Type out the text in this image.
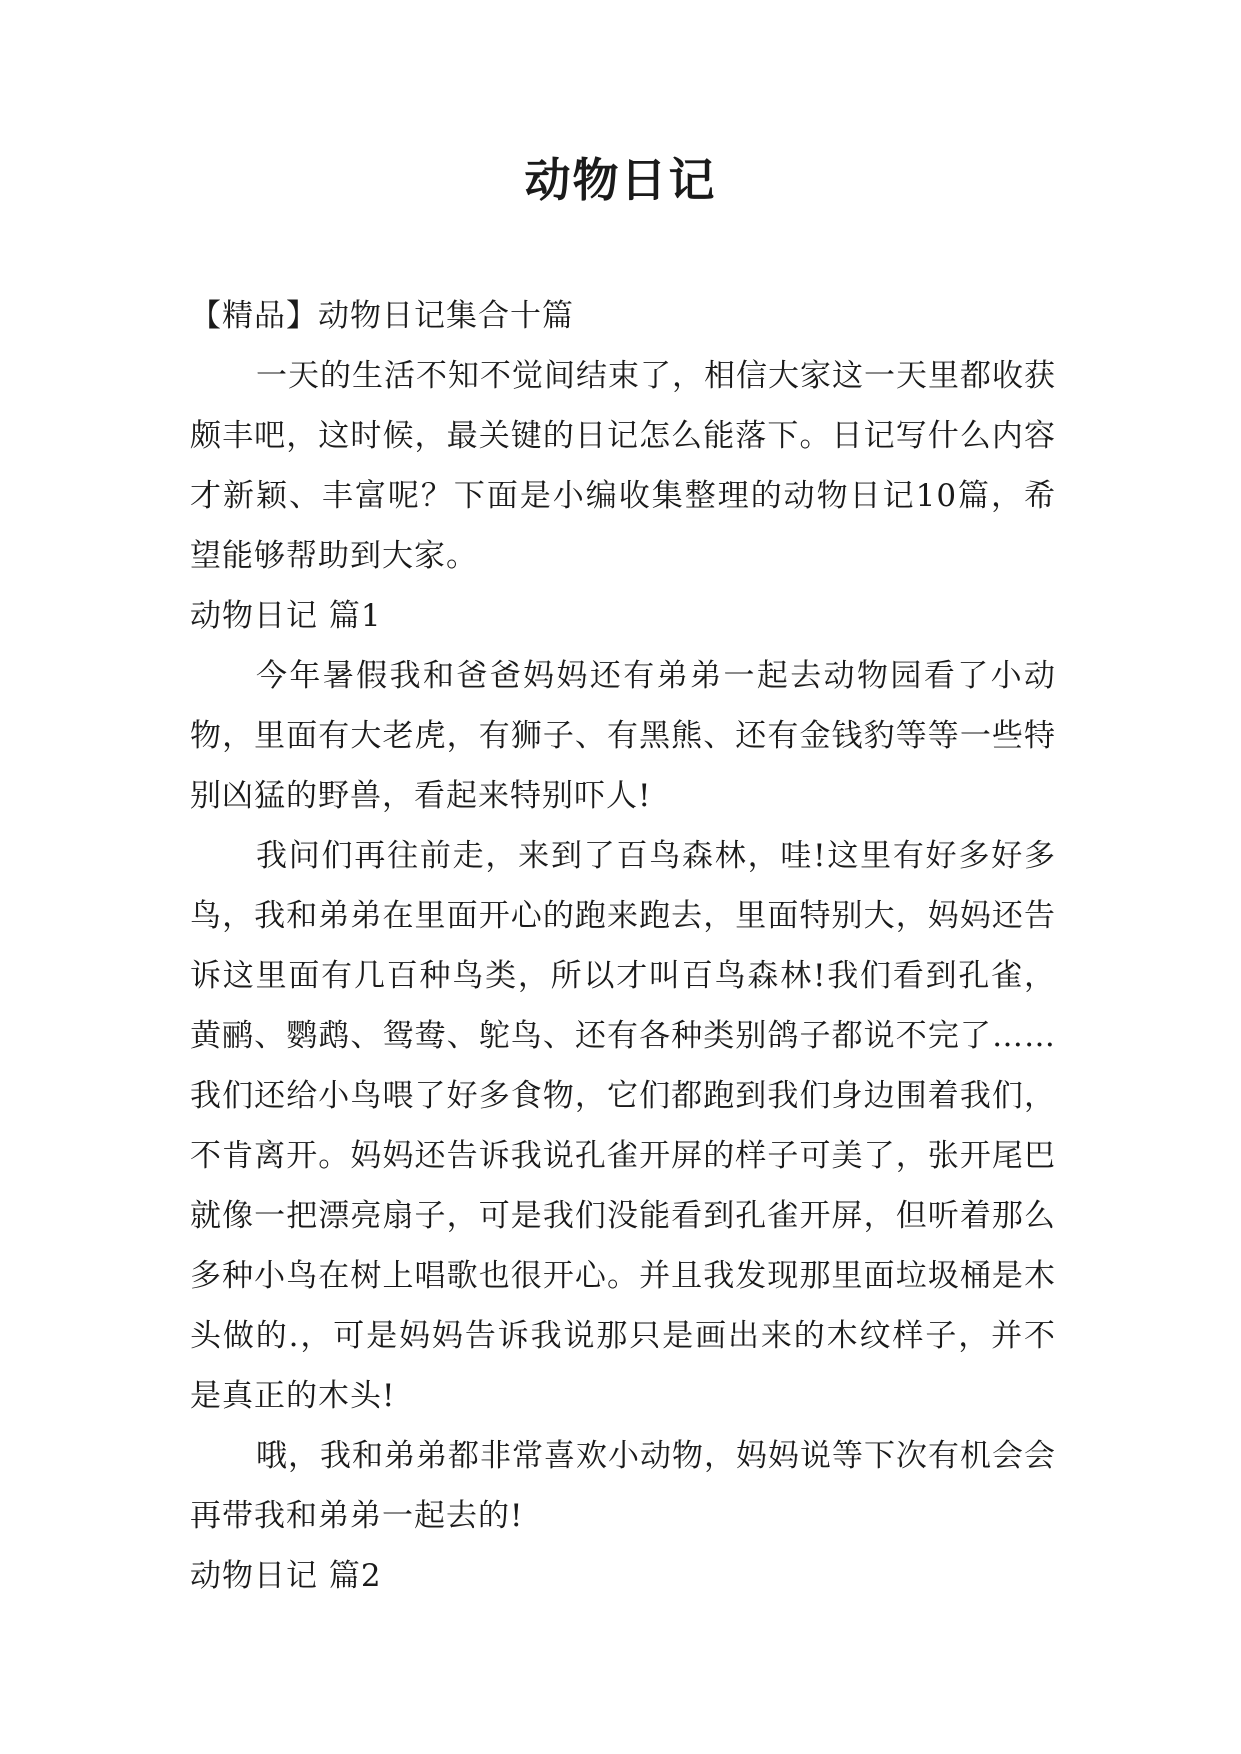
动物日记

【精品】动物日记集合十篇

一天的生活不知不觉间结束了，相信大家这一天里都收获颇丰吧，这时候，最关键的日记怎么能落下。日记写什么内容才新颖、丰富呢？下面是小编收集整理的动物日记10篇，希望能够帮助到大家。

动物日记 篇1

今年暑假我和爸爸妈妈还有弟弟一起去动物园看了小动物，里面有大老虎，有狮子、有黑熊、还有金钱豹等等一些特别凶猛的野兽，看起来特别吓人!

我问们再往前走，来到了百鸟森林，哇!这里有好多好多鸟，我和弟弟在里面开心的跑来跑去，里面特别大，妈妈还告诉这里面有几百种鸟类，所以才叫百鸟森林!我们看到孔雀，黄鹂、鹦鹉、鸳鸯、鸵鸟、还有各种类别鸽子都说不完了……我们还给小鸟喂了好多食物，它们都跑到我们身边围着我们，不肯离开。妈妈还告诉我说孔雀开屏的样子可美了，张开尾巴就像一把漂亮扇子，可是我们没能看到孔雀开屏，但听着那么多种小鸟在树上唱歌也很开心。并且我发现那里面垃圾桶是木头做的.，可是妈妈告诉我说那只是画出来的木纹样子，并不是真正的木头!

哦，我和弟弟都非常喜欢小动物，妈妈说等下次有机会会再带我和弟弟一起去的!

动物日记 篇2
